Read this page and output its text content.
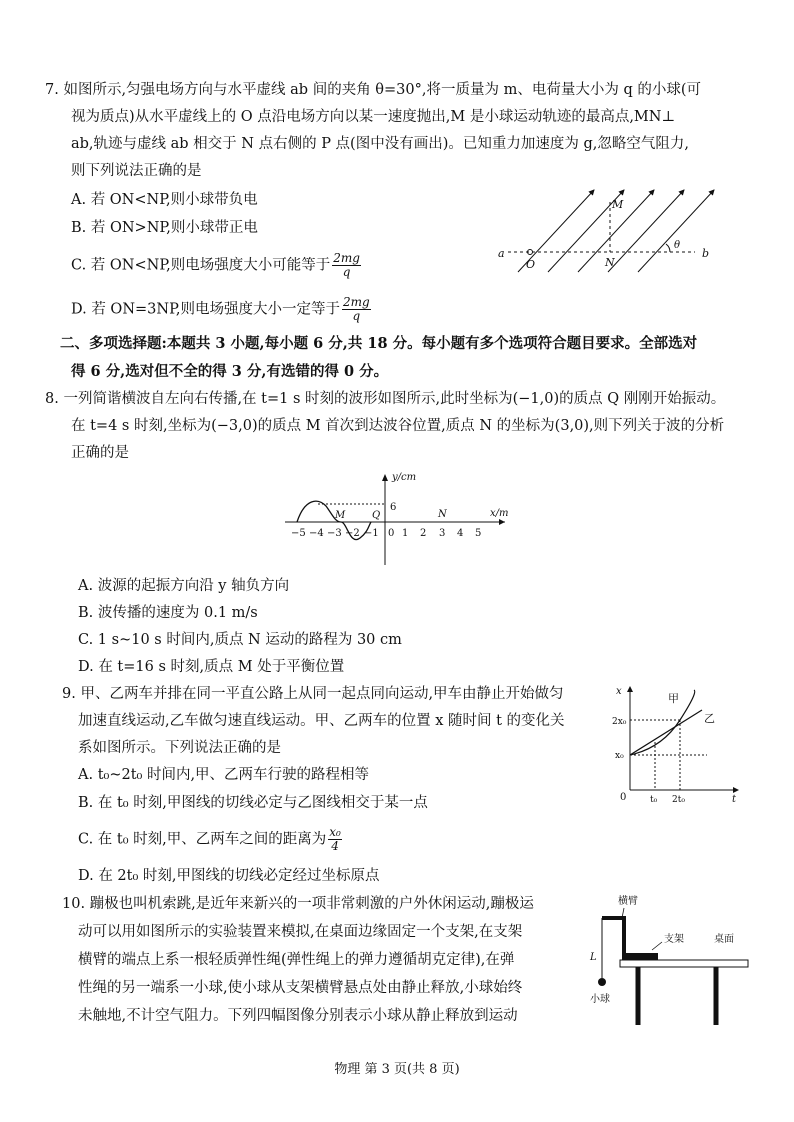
7. 如图所示,匀强电场方向与水平虚线 ab 间的夹角 θ=30°,将一质量为 m、电荷量大小为 q 的小球(可
视为质点)从水平虚线上的 O 点沿电场方向以某一速度抛出,M 是小球运动轨迹的最高点,MN⊥
ab,轨迹与虚线 ab 相交于 N 点右侧的 P 点(图中没有画出)。已知重力加速度为 g,忽略空气阻力,
则下列说法正确的是
A. 若 ON<NP,则小球带负电
B. 若 ON>NP,则小球带正电
C. 若 ON<NP,则电场强度大小可能等于 $\frac{2mg}{q}$
D. 若 ON=3NP,则电场强度大小一定等于 $\frac{2mg}{q}$
a	b
O	N
M
θ
二、多项选择题:本题共 3 小题,每小题 6 分,共 18 分。每小题有多个选项符合题目要求。全部选对
得 6 分,选对但不全的得 3 分,有选错的得 0 分。
8. 一列简谐横波自左向右传播,在 t=1 s 时刻的波形如图所示,此时坐标为(−1,0)的质点 Q 刚刚开始振动。
在 t=4 s 时刻,坐标为(−3,0)的质点 M 首次到达波谷位置,质点 N 的坐标为(3,0),则下列关于波的分析
正确的是
y/cm
x/m
6
M	Q	N
0
−5 −4 −3 −2 −1 1 2 3 4 5
A. 波源的起振方向沿 y 轴负方向
B. 波传播的速度为 0.1 m/s
C. 1 s~10 s 时间内,质点 N 运动的路程为 30 cm
D. 在 t=16 s 时刻,质点 M 处于平衡位置
9. 甲、乙两车并排在同一平直公路上从同一起点同向运动,甲车由静止开始做匀
加速直线运动,乙车做匀速直线运动。甲、乙两车的位置 x 随时间 t 的变化关
系如图所示。下列说法正确的是
A. t₀~2t₀ 时间内,甲、乙两车行驶的路程相等
B. 在 t₀ 时刻,甲图线的切线必定与乙图线相交于某一点
C. 在 t₀ 时刻,甲、乙两车之间的距离为 $\frac{\text{x₀}}{4}$
D. 在 2t₀ 时刻,甲图线的切线必定经过坐标原点
x
t
0
甲
乙
2x₀
x₀
t₀ 2t₀
10. 蹦极也叫机索跳,是近年来新兴的一项非常刺激的户外休闲运动,蹦极运
动可以用如图所示的实验装置来模拟,在桌面边缘固定一个支架,在支架
横臂的端点上系一根轻质弹性绳(弹性绳上的弹力遵循胡克定律),在弹
性绳的另一端系一小球,使小球从支架横臂悬点处由静止释放,小球始终
未触地,不计空气阻力。下列四幅图像分别表示小球从静止释放到运动
横臂
支架	桌面
L
小球
物理 第 3 页(共 8 页)
